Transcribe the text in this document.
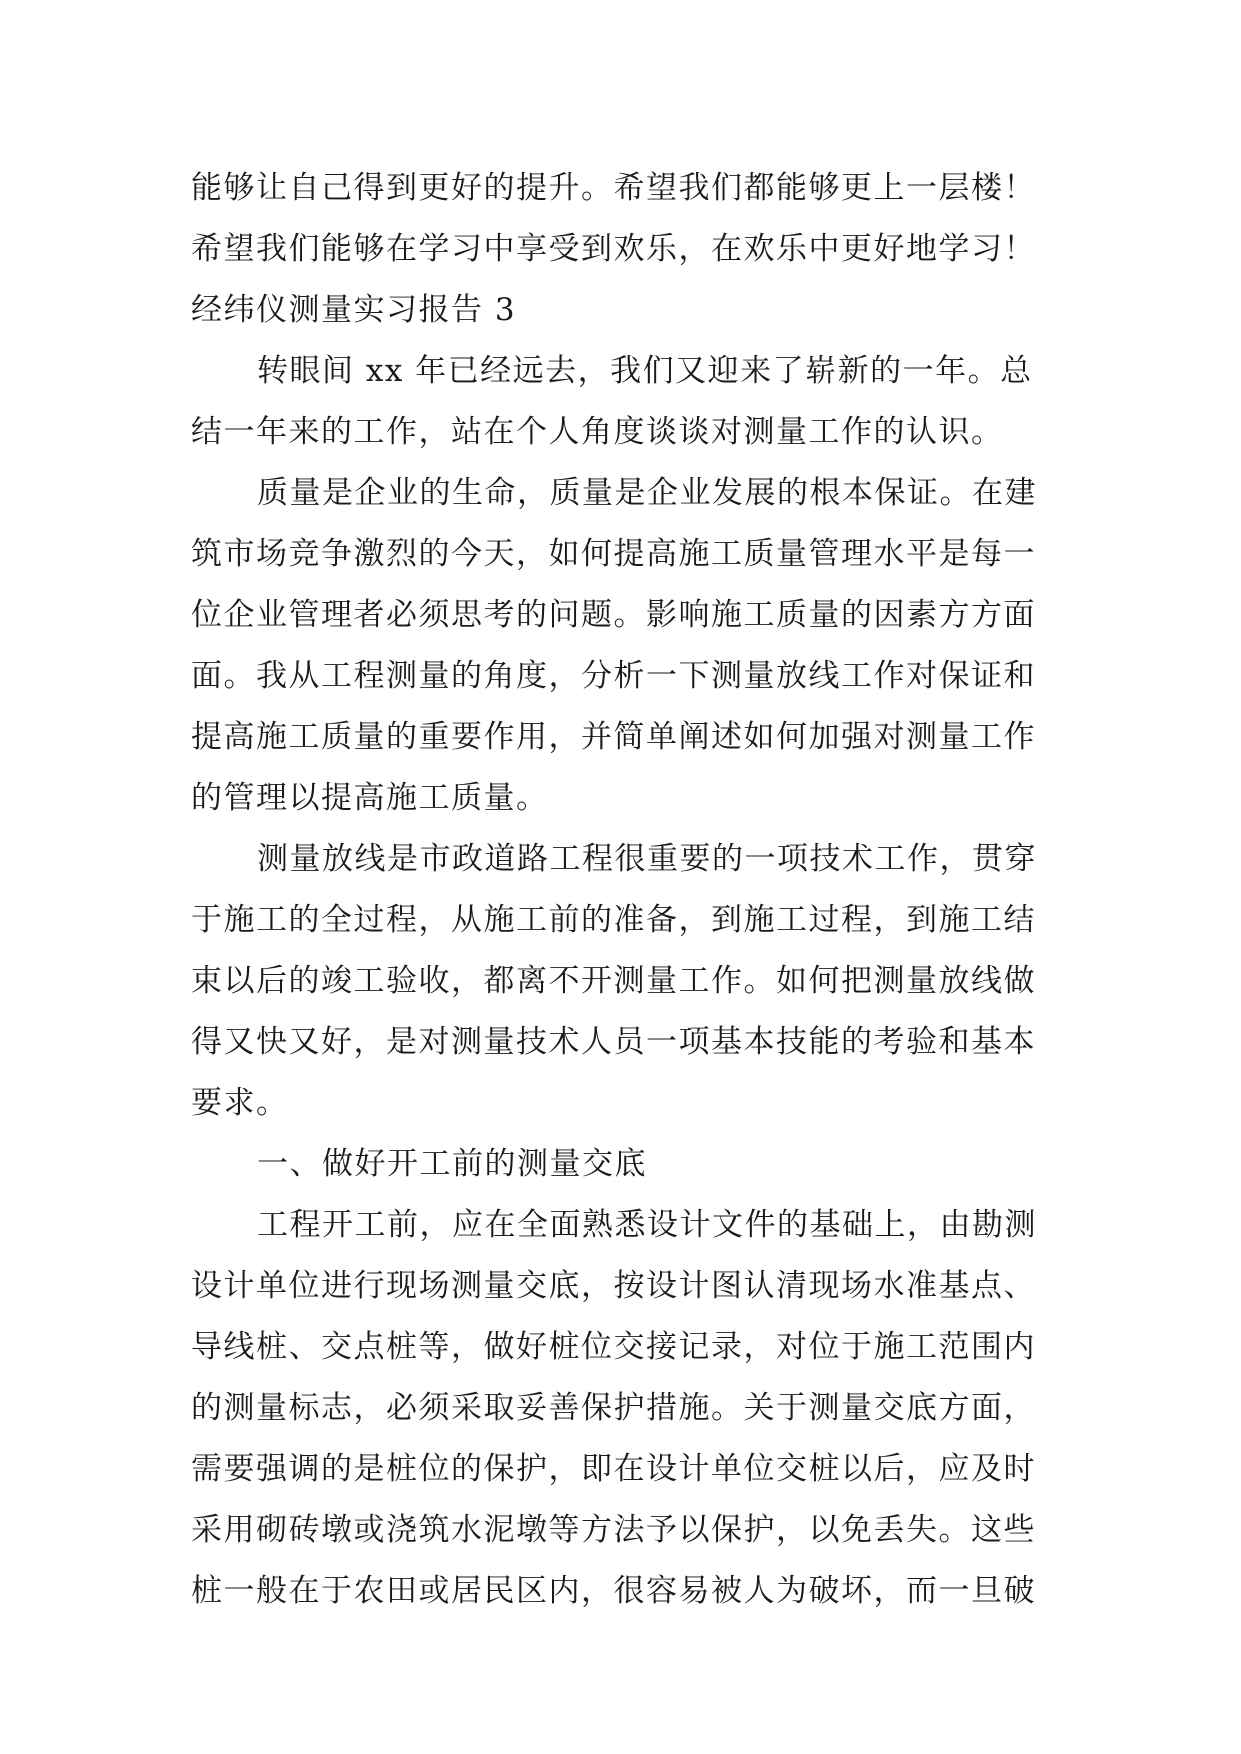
能够让自己得到更好的提升。希望我们都能够更上一层楼！
希望我们能够在学习中享受到欢乐，在欢乐中更好地学习！
经纬仪测量实习报告 3
转眼间 xx 年已经远去，我们又迎来了崭新的一年。总
结一年来的工作，站在个人角度谈谈对测量工作的认识。
质量是企业的生命，质量是企业发展的根本保证。在建
筑市场竞争激烈的今天，如何提高施工质量管理水平是每一
位企业管理者必须思考的问题。影响施工质量的因素方方面
面。我从工程测量的角度，分析一下测量放线工作对保证和
提高施工质量的重要作用，并简单阐述如何加强对测量工作
的管理以提高施工质量。
测量放线是市政道路工程很重要的一项技术工作，贯穿
于施工的全过程，从施工前的准备，到施工过程，到施工结
束以后的竣工验收，都离不开测量工作。如何把测量放线做
得又快又好，是对测量技术人员一项基本技能的考验和基本
要求。
一、做好开工前的测量交底
工程开工前，应在全面熟悉设计文件的基础上，由勘测
设计单位进行现场测量交底，按设计图认清现场水准基点、
导线桩、交点桩等，做好桩位交接记录，对位于施工范围内
的测量标志，必须采取妥善保护措施。关于测量交底方面，
需要强调的是桩位的保护，即在设计单位交桩以后，应及时
采用砌砖墩或浇筑水泥墩等方法予以保护，以免丢失。这些
桩一般在于农田或居民区内，很容易被人为破坏，而一旦破
